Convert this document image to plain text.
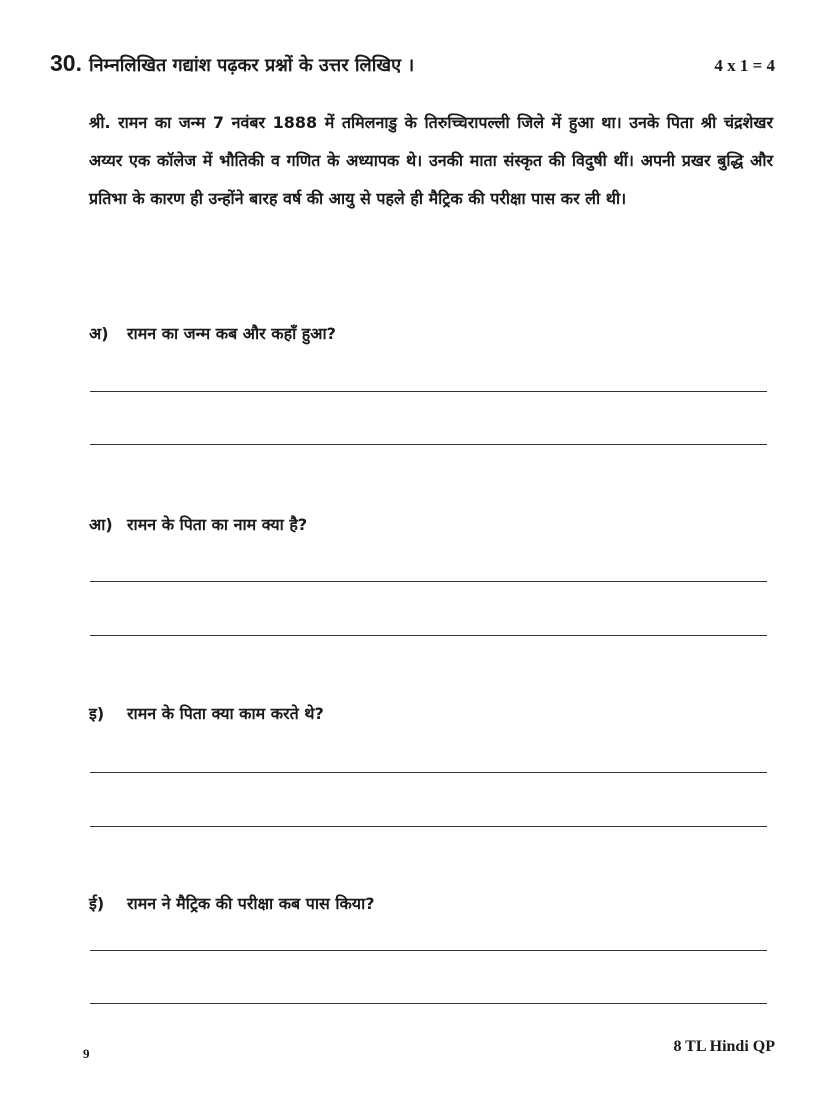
30. निम्नलिखित गद्यांश पढ़कर प्रश्नों के उत्तर लिखिए ।	4 x 1 = 4

श्री. रामन का जन्म 7 नवंबर 1888 में तमिलनाडु के तिरुच्चिरापल्ली जिले में हुआ था। उनके पिता श्री चंद्रशेखर अय्यर एक कॉलेज में भौतिकी व गणित के अध्यापक थे। उनकी माता संस्कृत की विदुषी थीं। अपनी प्रखर बुद्धि और प्रतिभा के कारण ही उन्होंने बारह वर्ष की आयु से पहले ही मैट्रिक की परीक्षा पास कर ली थी।

अ) रामन का जन्म कब और कहाँ हुआ?
आ) रामन के पिता का नाम क्या है?
इ) रामन के पिता क्या काम करते थे?
ई) रामन ने मैट्रिक की परीक्षा कब पास किया?
9	8 TL Hindi QP
